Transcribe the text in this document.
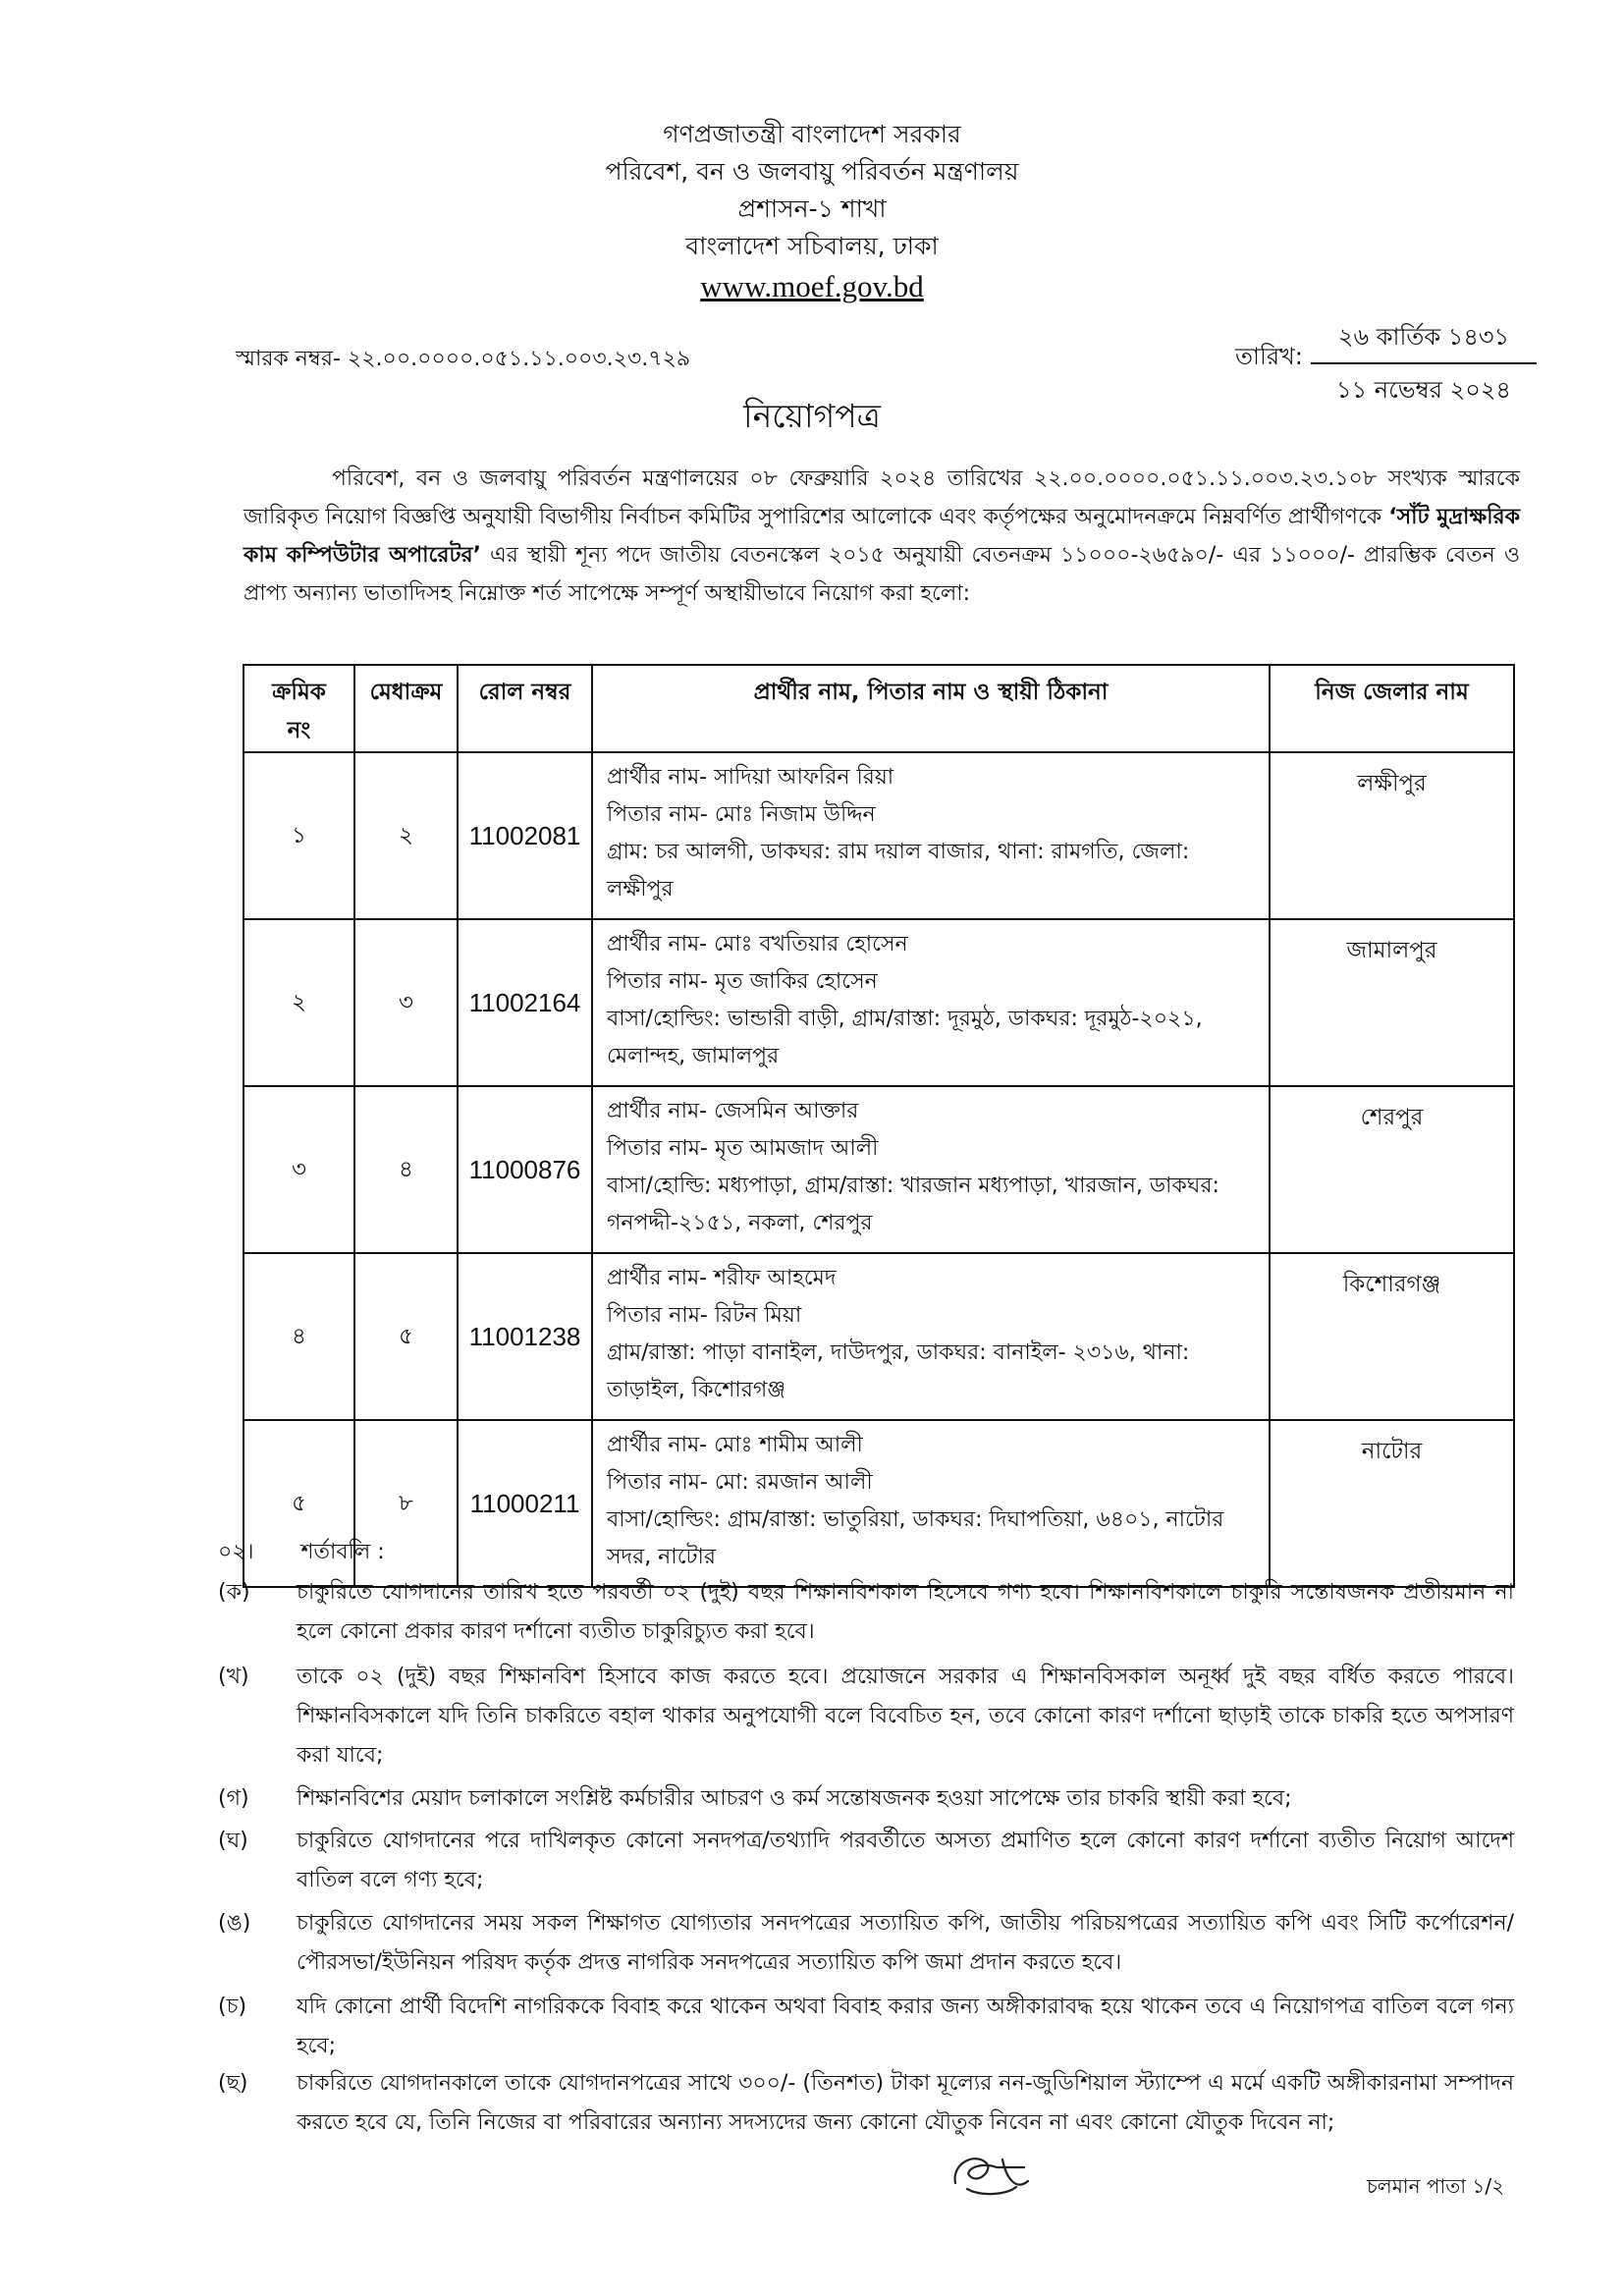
গণপ্রজাতন্ত্রী বাংলাদেশ সরকার
পরিবেশ, বন ও জলবায়ু পরিবর্তন মন্ত্রণালয়
প্রশাসন-১ শাখা
বাংলাদেশ সচিবালয়, ঢাকা
www.moef.gov.bd
স্মারক নম্বর- ২২.০০.০০০০.০৫১.১১.০০৩.২৩.৭২৯	তারিখ:
২৬ কার্তিক ১৪৩১
১১ নভেম্বর ২০২৪
নিয়োগপত্র
পরিবেশ, বন ও জলবায়ু পরিবর্তন মন্ত্রণালয়ের ০৮ ফেব্রুয়ারি ২০২৪ তারিখের ২২.০০.০০০০.০৫১.১১.০০৩.২৩.১০৮ সংখ্যক স্মারকে জারিকৃত নিয়োগ বিজ্ঞপ্তি অনুযায়ী বিভাগীয় নির্বাচন কমিটির সুপারিশের আলোকে এবং কর্তৃপক্ষের অনুমোদনক্রমে নিম্নবর্ণিত প্রার্থীগণকে ‘সাঁট মুদ্রাক্ষরিক কাম কম্পিউটার অপারেটর’ এর স্থায়ী শূন্য পদে জাতীয় বেতনস্কেল ২০১৫ অনুযায়ী বেতনক্রম ১১০০০-২৬৫৯০/- এর ১১০০০/- প্রারম্ভিক বেতন ও প্রাপ্য অন্যান্য ভাতাদিসহ নিম্নোক্ত শর্ত সাপেক্ষে সম্পূর্ণ অস্থায়ীভাবে নিয়োগ করা হলো:
ক্রমিক
নং	মেধাক্রম	রোল নম্বর	প্রার্থীর নাম, পিতার নাম ও স্থায়ী ঠিকানা	নিজ জেলার নাম
১	২	11002081	প্রার্থীর নাম- সাদিয়া আফরিন রিয়া
পিতার নাম- মোঃ নিজাম উদ্দিন
গ্রাম: চর আলগী, ডাকঘর: রাম দয়াল বাজার, থানা: রামগতি, জেলা: লক্ষীপুর	লক্ষীপুর
২	৩	11002164	প্রার্থীর নাম- মোঃ বখতিয়ার হোসেন
পিতার নাম- মৃত জাকির হোসেন
বাসা/হোল্ডিং: ভান্ডারী বাড়ী, গ্রাম/রাস্তা: দূরমুঠ, ডাকঘর: দূরমুঠ-২০২১, মেলান্দহ, জামালপুর	জামালপুর
৩	৪	11000876	প্রার্থীর নাম- জেসমিন আক্তার
পিতার নাম- মৃত আমজাদ আলী
বাসা/হোল্ডি: মধ্যপাড়া, গ্রাম/রাস্তা: খারজান মধ্যপাড়া, খারজান, ডাকঘর: গনপদ্দী-২১৫১, নকলা, শেরপুর	শেরপুর
৪	৫	11001238	প্রার্থীর নাম- শরীফ আহমেদ
পিতার নাম- রিটন মিয়া
গ্রাম/রাস্তা: পাড়া বানাইল, দাউদপুর, ডাকঘর: বানাইল- ২৩১৬, থানা: তাড়াইল, কিশোরগঞ্জ	কিশোরগঞ্জ
৫	৮	11000211	প্রার্থীর নাম- মোঃ শামীম আলী
পিতার নাম- মো: রমজান আলী
বাসা/হোল্ডিং: গ্রাম/রাস্তা: ভাতুরিয়া, ডাকঘর: দিঘাপতিয়া, ৬৪০১, নাটোর সদর, নাটোর	নাটোর
০২। শর্তাবলি :
(ক) চাকুরিতে যোগদানের তারিখ হতে পরবর্তী ০২ (দুই) বছর শিক্ষানবিশকাল হিসেবে গণ্য হবে। শিক্ষানবিশকালে চাকুরি সন্তোষজনক প্রতীয়মান না হলে কোনো প্রকার কারণ দর্শানো ব্যতীত চাকুরিচ্যুত করা হবে।
(খ) তাকে ০২ (দুই) বছর শিক্ষানবিশ হিসাবে কাজ করতে হবে। প্রয়োজনে সরকার এ শিক্ষানবিসকাল অনূর্ধ্ব দুই বছর বর্ধিত করতে পারবে। শিক্ষানবিসকালে যদি তিনি চাকরিতে বহাল থাকার অনুপযোগী বলে বিবেচিত হন, তবে কোনো কারণ দর্শানো ছাড়াই তাকে চাকরি হতে অপসারণ করা যাবে;
(গ) শিক্ষানবিশের মেয়াদ চলাকালে সংশ্লিষ্ট কর্মচারীর আচরণ ও কর্ম সন্তোষজনক হওয়া সাপেক্ষে তার চাকরি স্থায়ী করা হবে;
(ঘ) চাকুরিতে যোগদানের পরে দাখিলকৃত কোনো সনদপত্র/তথ্যাদি পরবর্তীতে অসত্য প্রমাণিত হলে কোনো কারণ দর্শানো ব্যতীত নিয়োগ আদেশ বাতিল বলে গণ্য হবে;
(ঙ) চাকুরিতে যোগদানের সময় সকল শিক্ষাগত যোগ্যতার সনদপত্রের সত্যায়িত কপি, জাতীয় পরিচয়পত্রের সত্যায়িত কপি এবং সিটি কর্পোরেশন/পৌরসভা/ইউনিয়ন পরিষদ কর্তৃক প্রদত্ত নাগরিক সনদপত্রের সত্যায়িত কপি জমা প্রদান করতে হবে।
(চ) যদি কোনো প্রার্থী বিদেশি নাগরিককে বিবাহ করে থাকেন অথবা বিবাহ করার জন্য অঙ্গীকারাবদ্ধ হয়ে থাকেন তবে এ নিয়োগপত্র বাতিল বলে গন্য হবে;
(ছ) চাকরিতে যোগদানকালে তাকে যোগদানপত্রের সাথে ৩০০/- (তিনশত) টাকা মূল্যের নন-জুডিশিয়াল স্ট্যাম্পে এ মর্মে একটি অঙ্গীকারনামা সম্পাদন করতে হবে যে, তিনি নিজের বা পরিবারের অন্যান্য সদস্যদের জন্য কোনো যৌতুক নিবেন না এবং কোনো যৌতুক দিবেন না;
চলমান পাতা ১/২
